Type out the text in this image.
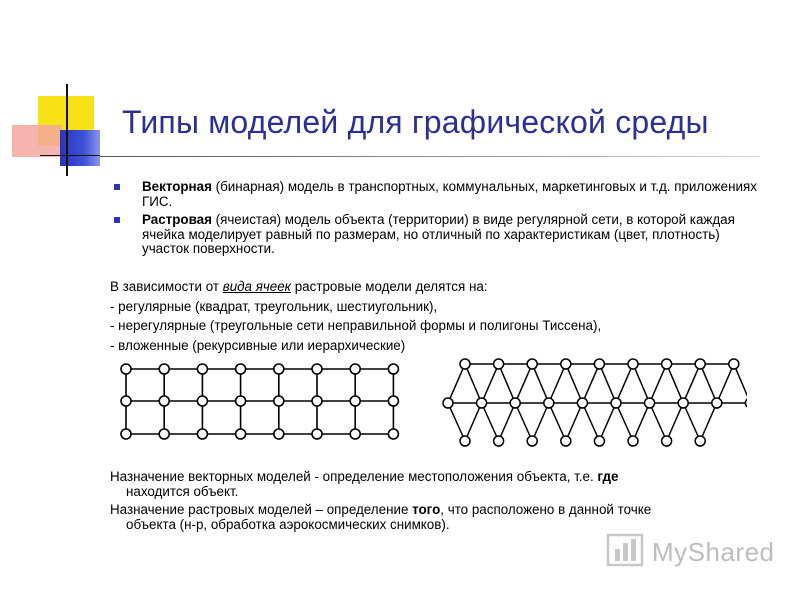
Типы моделей для графической среды
Векторная (бинарная) модель в транспортных, коммунальных, маркетинговых и т.д. приложениях ГИС.
Растровая (ячеистая) модель объекта (территории) в виде регулярной сети, в которой каждая ячейка моделирует равный по размерам, но отличный по характеристикам (цвет, плотность) участок поверхности.
В зависимости от вида ячеек растровые модели делятся на:
- регулярные (квадрат, треугольник, шестиугольник),
- нерегулярные (треугольные сети неправильной формы и полигоны Тиссена),
- вложенные (рекурсивные или иерархические)
Назначение векторных моделей - определение местоположения объекта, т.е. где
находится объект.
Назначение растровых моделей – определение того, что расположено в данной точке
объекта (н-р, обработка аэрокосмических снимков).
MyShared
